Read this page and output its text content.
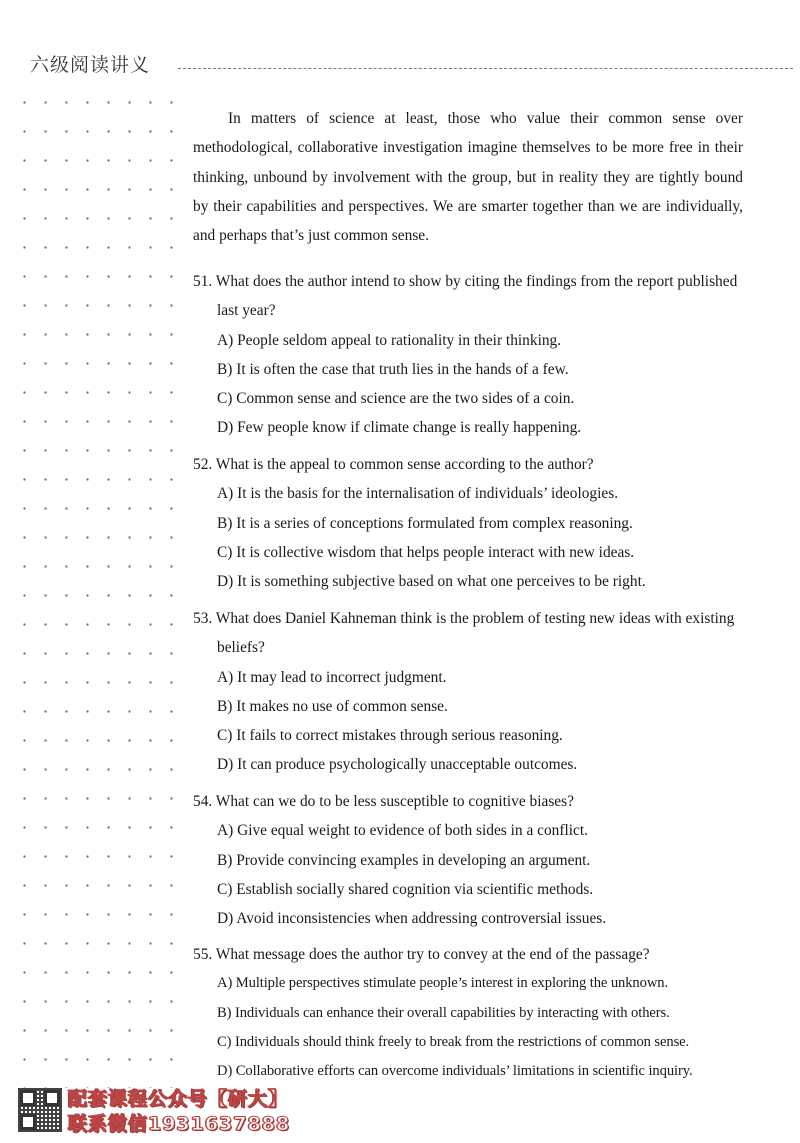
六级阅读讲义

In matters of science at least, those who value their common sense over methodological, collaborative investigation imagine themselves to be more free in their thinking, unbound by involvement with the group, but in reality they are tightly bound by their capabilities and perspectives. We are smarter together than we are individually, and perhaps that’s just common sense.

51. What does the author intend to show by citing the findings from the report published last year?
A) People seldom appeal to rationality in their thinking.
B) It is often the case that truth lies in the hands of a few.
C) Common sense and science are the two sides of a coin.
D) Few people know if climate change is really happening.
52. What is the appeal to common sense according to the author?
A) It is the basis for the internalisation of individuals’ ideologies.
B) It is a series of conceptions formulated from complex reasoning.
C) It is collective wisdom that helps people interact with new ideas.
D) It is something subjective based on what one perceives to be right.
53. What does Daniel Kahneman think is the problem of testing new ideas with existing beliefs?
A) It may lead to incorrect judgment.
B) It makes no use of common sense.
C) It fails to correct mistakes through serious reasoning.
D) It can produce psychologically unacceptable outcomes.
54. What can we do to be less susceptible to cognitive biases?
A) Give equal weight to evidence of both sides in a conflict.
B) Provide convincing examples in developing an argument.
C) Establish socially shared cognition via scientific methods.
D) Avoid inconsistencies when addressing controversial issues.
55. What message does the author try to convey at the end of the passage?
A) Multiple perspectives stimulate people’s interest in exploring the unknown.
B) Individuals can enhance their overall capabilities by interacting with others.
C) Individuals should think freely to break from the restrictions of common sense.
D) Collaborative efforts can overcome individuals’ limitations in scientific inquiry.
配套课程公众号【研大】
联系微信1931637888
